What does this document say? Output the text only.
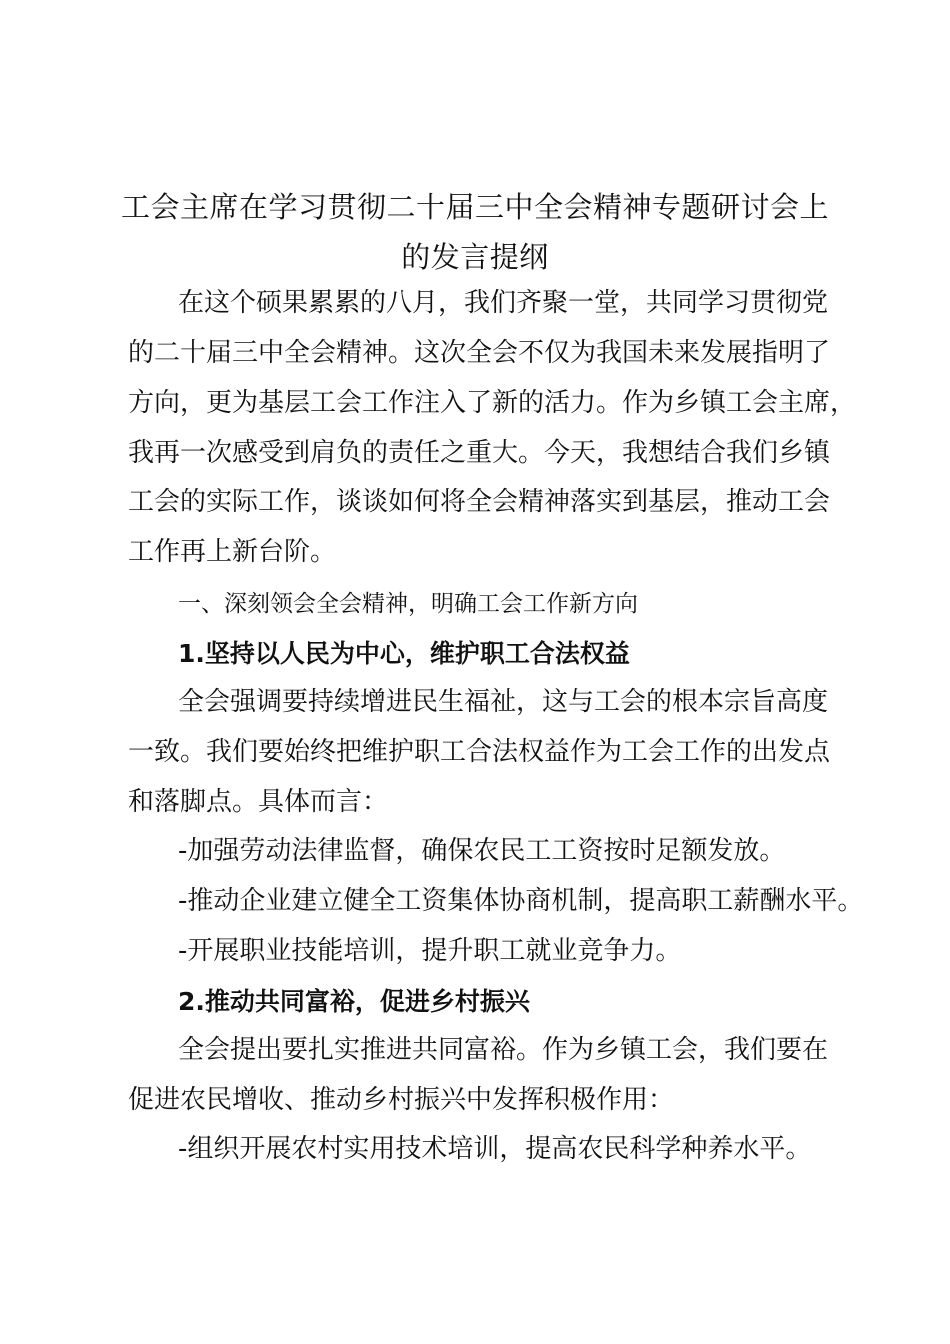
工会主席在学习贯彻二十届三中全会精神专题研讨会上
的发言提纲
在这个硕果累累的八月，我们齐聚一堂，共同学习贯彻党
的二十届三中全会精神。这次全会不仅为我国未来发展指明了
方向，更为基层工会工作注入了新的活力。作为乡镇工会主席，
我再一次感受到肩负的责任之重大。今天，我想结合我们乡镇
工会的实际工作，谈谈如何将全会精神落实到基层，推动工会
工作再上新台阶。
一、深刻领会全会精神，明确工会工作新方向
1.坚持以人民为中心，维护职工合法权益
全会强调要持续增进民生福祉，这与工会的根本宗旨高度
一致。我们要始终把维护职工合法权益作为工会工作的出发点
和落脚点。具体而言：
-加强劳动法律监督，确保农民工工资按时足额发放。
-推动企业建立健全工资集体协商机制，提高职工薪酬水平。
-开展职业技能培训，提升职工就业竞争力。
2.推动共同富裕，促进乡村振兴
全会提出要扎实推进共同富裕。作为乡镇工会，我们要在
促进农民增收、推动乡村振兴中发挥积极作用：
-组织开展农村实用技术培训，提高农民科学种养水平。
